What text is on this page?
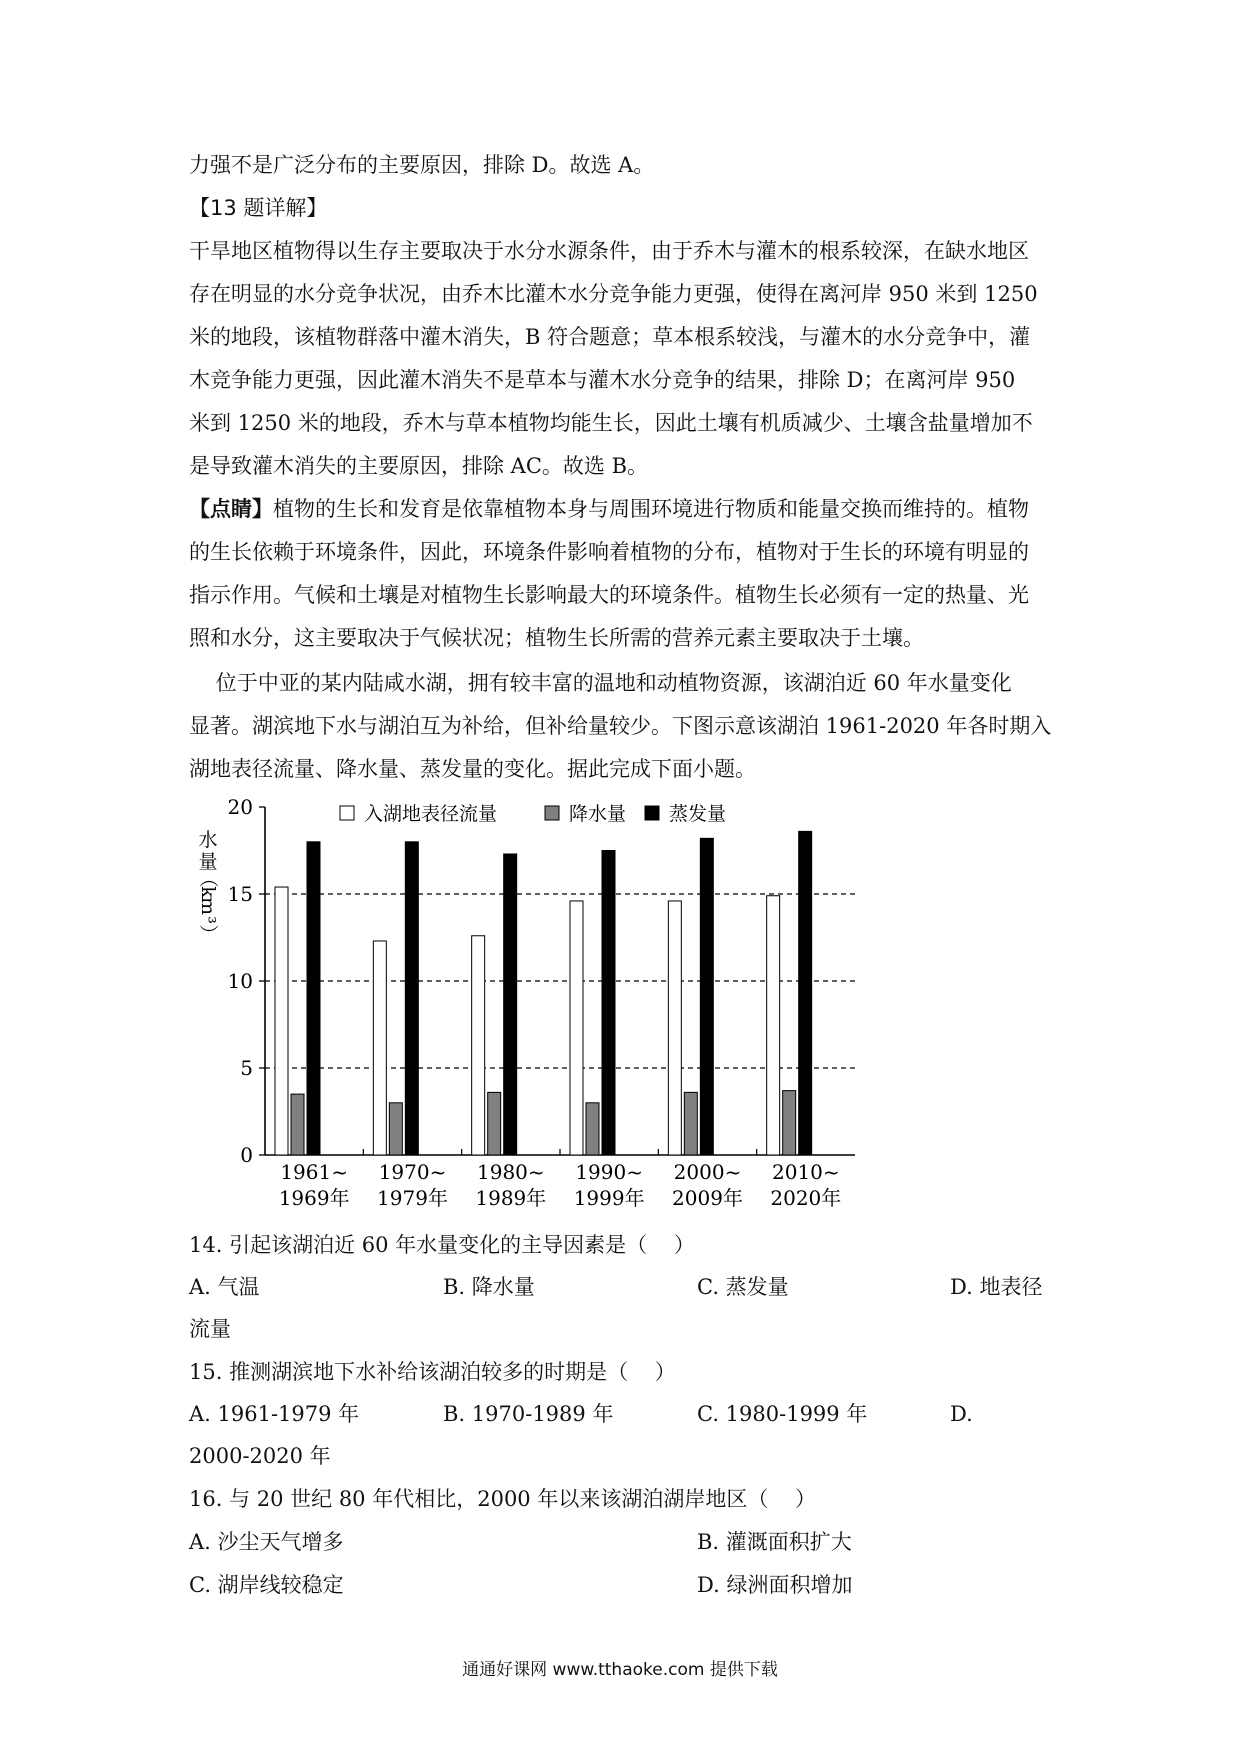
力强不是广泛分布的主要原因，排除 D。故选 A。
【13 题详解】
干旱地区植物得以生存主要取决于水分水源条件，由于乔木与灌木的根系较深，在缺水地区
存在明显的水分竞争状况，由乔木比灌木水分竞争能力更强，使得在离河岸 950 米到 1250
米的地段，该植物群落中灌木消失，B 符合题意；草本根系较浅，与灌木的水分竞争中，灌
木竞争能力更强，因此灌木消失不是草本与灌木水分竞争的结果，排除 D；在离河岸 950
米到 1250 米的地段，乔木与草本植物均能生长，因此土壤有机质减少、土壤含盐量增加不
是导致灌木消失的主要原因，排除 AC。故选 B。
【点睛】植物的生长和发育是依靠植物本身与周围环境进行物质和能量交换而维持的。植物
的生长依赖于环境条件，因此，环境条件影响着植物的分布，植物对于生长的环境有明显的
指示作用。气候和土壤是对植物生长影响最大的环境条件。植物生长必须有一定的热量、光
照和水分，这主要取决于气候状况；植物生长所需的营养元素主要取决于土壤。
位于中亚的某内陆咸水湖，拥有较丰富的温地和动植物资源，该湖泊近 60 年水量变化
显著。湖滨地下水与湖泊互为补给，但补给量较少。下图示意该湖泊 1961-2020 年各时期入
湖地表径流量、降水量、蒸发量的变化。据此完成下面小题。
0
5
10
15
20
水
量
（
k
m
³
）
1961~
1969年
1970~
1979年
1980~
1989年
1990~
1999年
2000~
2009年
2010~
2020年
入湖地表径流量	降水量 蒸发量
14. 引起该湖泊近 60 年水量变化的主导因素是（    ）
A. 气温	B. 降水量	C. 蒸发量	D. 地表径
流量
15. 推测湖滨地下水补给该湖泊较多的时期是（    ）
A. 1961-1979 年	B. 1970-1989 年	C. 1980-1999 年	D.
2000-2020 年
16. 与 20 世纪 80 年代相比，2000 年以来该湖泊湖岸地区（    ）
A. 沙尘天气增多	B. 灌溉面积扩大
C. 湖岸线较稳定	D. 绿洲面积增加
通通好课网 www.tthaoke.com 提供下载
